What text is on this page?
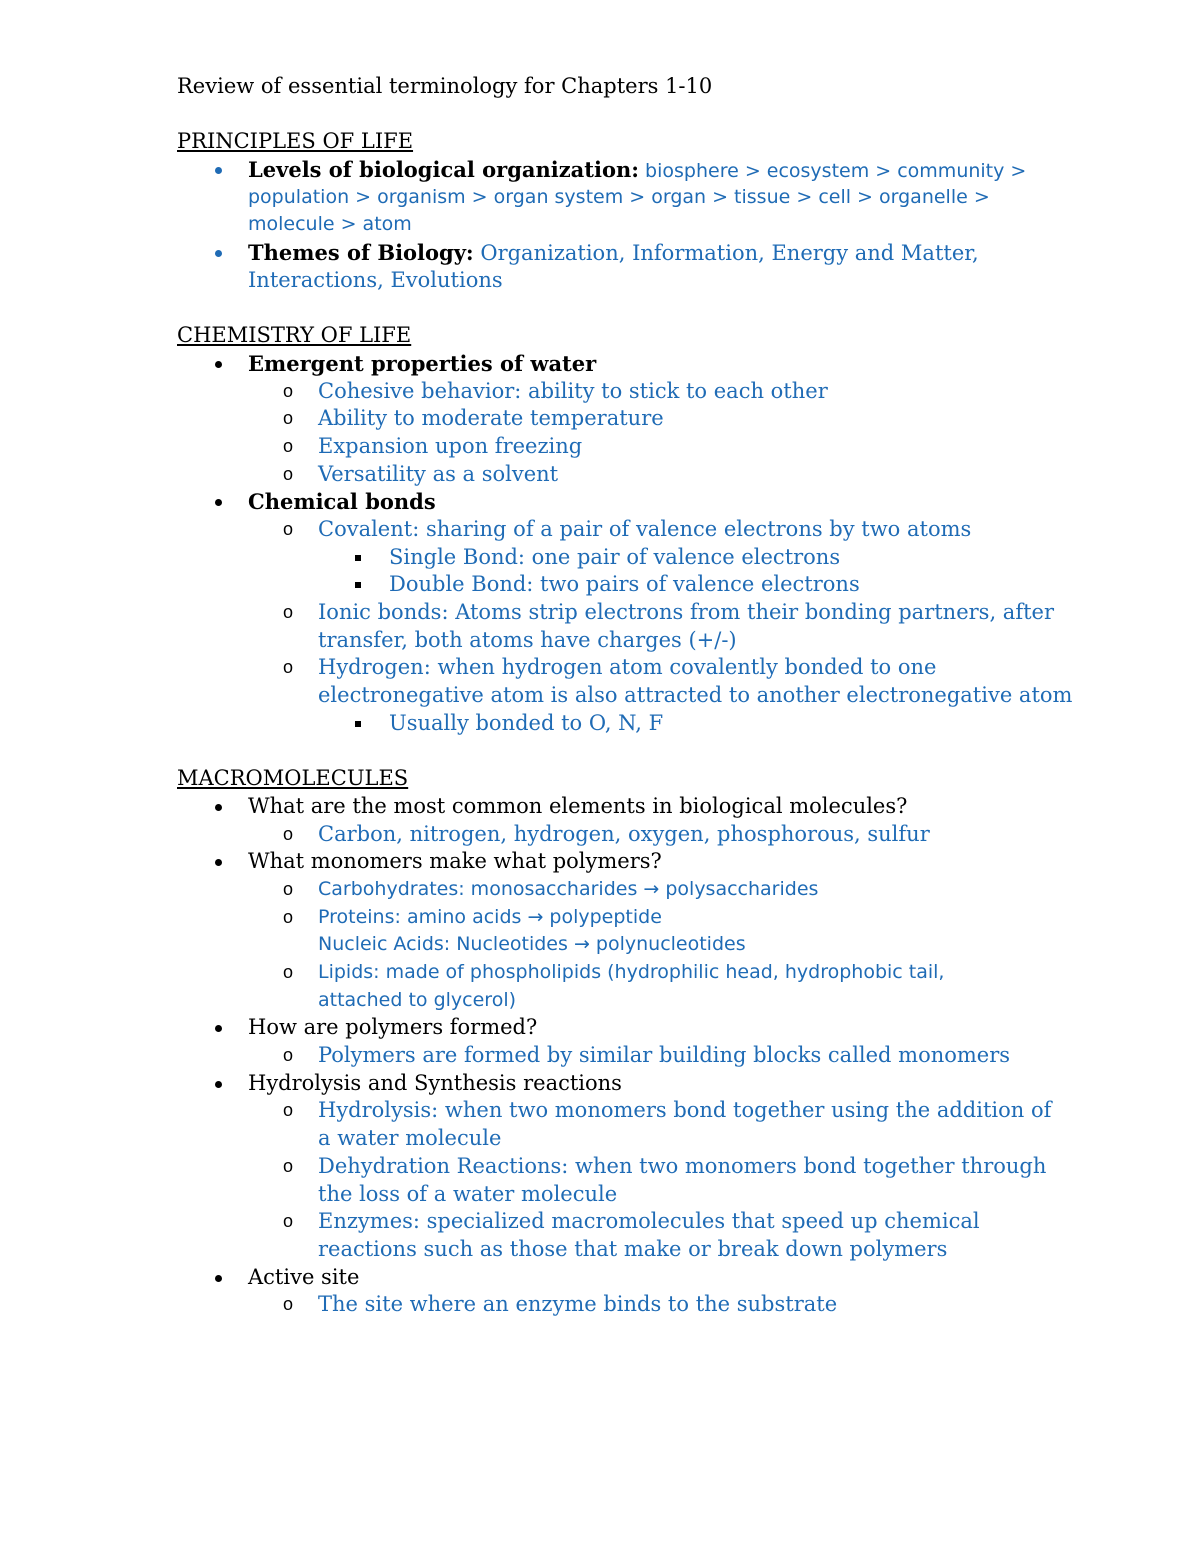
Review of essential terminology for Chapters 1-10
PRINCIPLES OF LIFE
Levels of biological organization: biosphere > ecosystem > community >
population > organism > organ system > organ > tissue > cell > organelle >
molecule > atom
Themes of Biology: Organization, Information, Energy and Matter,
Interactions, Evolutions
CHEMISTRY OF LIFE
Emergent properties of water
o Cohesive behavior: ability to stick to each other
o Ability to moderate temperature
o Expansion upon freezing
o Versatility as a solvent
Chemical bonds
o Covalent: sharing of a pair of valence electrons by two atoms
Single Bond: one pair of valence electrons
Double Bond: two pairs of valence electrons
o Ionic bonds: Atoms strip electrons from their bonding partners, after
transfer, both atoms have charges (+/-)
o Hydrogen: when hydrogen atom covalently bonded to one
electronegative atom is also attracted to another electronegative atom
Usually bonded to O, N, F
MACROMOLECULES
What are the most common elements in biological molecules?
o Carbon, nitrogen, hydrogen, oxygen, phosphorous, sulfur
What monomers make what polymers?
o Carbohydrates: monosaccharides → polysaccharides
o Proteins: amino acids → polypeptide
Nucleic Acids: Nucleotides → polynucleotides
o Lipids: made of phospholipids (hydrophilic head, hydrophobic tail,
attached to glycerol)
How are polymers formed?
o Polymers are formed by similar building blocks called monomers
Hydrolysis and Synthesis reactions
o Hydrolysis: when two monomers bond together using the addition of
a water molecule
o Dehydration Reactions: when two monomers bond together through
the loss of a water molecule
o Enzymes: specialized macromolecules that speed up chemical
reactions such as those that make or break down polymers
Active site
o The site where an enzyme binds to the substrate
